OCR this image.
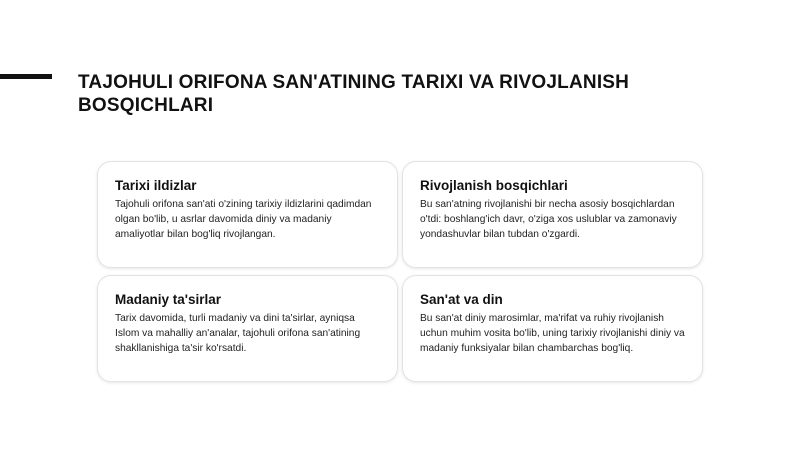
TAJOHULI ORIFONA SAN'ATINING TARIXI VA RIVOJLANISH BOSQICHLARI
Tarixi ildizlar

Tajohuli orifona san'ati o'zining tarixiy ildizlarini qadimdan olgan bo'lib, u asrlar davomida diniy va madaniy amaliyotlar bilan bog'liq rivojlangan.

Rivojlanish bosqichlari

Bu san'atning rivojlanishi bir necha asosiy bosqichlardan o'tdi: boshlang'ich davr, o'ziga xos uslublar va zamonaviy yondashuvlar bilan tubdan o'zgardi.

Madaniy ta'sirlar

Tarix davomida, turli madaniy va dini ta'sirlar, ayniqsa Islom va mahalliy an'analar, tajohuli orifona san'atining shakllanishiga ta'sir ko'rsatdi.

San'at va din

Bu san'at diniy marosimlar, ma'rifat va ruhiy rivojlanish uchun muhim vosita bo'lib, uning tarixiy rivojlanishi diniy va madaniy funksiyalar bilan chambarchas bog'liq.
